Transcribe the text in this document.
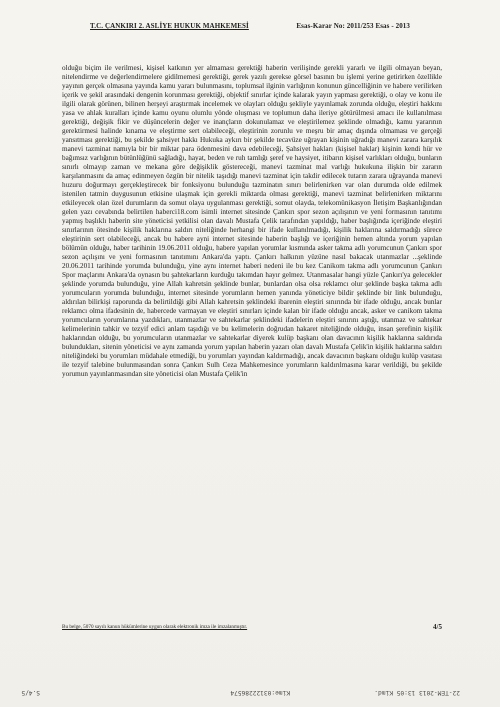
T.C. ÇANKIRI 2. ASLİYE HUKUK MAHKEMESİ	Esas-Karar No: 2011/253 Esas - 2013

olduğu biçim ile verilmesi, kişisel katkının yer almaması gerektiği haberin verilişinde gerekli yararlı ve ilgili olmayan beyan, nitelendirme ve değerlendirmelere gidilmemesi gerektiği, gerek yazılı gerekse görsel basının bu işlemi yerine getirirken özellikle yayının gerçek olmasına yayında kamu yararı bulunmasını, toplumsal ilginin varlığının konunun güncelliğinin ve habere verilirken içerik ve şekil arasındaki dengenin korunması gerektiği, objektif sınırlar içinde kalarak yayın yapması gerektiği, o olay ve konu ile ilgili olarak görünen, bilinen herşeyi araştırmak incelemek ve olayları olduğu şekliyle yayınlamak zorunda olduğu, eleştiri hakkını yasa ve ahlak kuralları içinde kamu oyunu olumlu yönde oluşması ve toplumun daha ileriye götürülmesi amacı ile kullanılması gerektiği, değişik fikir ve düşüncelerin değer ve inançların dokunulamaz ve eleştirilemez şeklinde olmadığı, kamu yararının gerektirmesi halinde kınama ve eleştirme sert olabileceği, eleştirinin zorunlu ve meşru bir amaç dışında olmaması ve gerçeği yansıtması gerektiği, bu şekilde şahsiyet hakkı Hukuka aykırı bir şekilde tecavüze uğrayan kişinin uğradığı manevi zarara karşılık manevi tazminat namıyla bir bir miktar para ödenmesini dava edebileceği, Şahsiyet hakları (kişisel haklar) kişinin kendi hür ve bağımsız varlığının bütünlüğünü sağladığı, hayat, beden ve ruh tamlığı şeref ve haysiyet, itibarın kişisel varlıkları olduğu, bunların sınırlı olmayıp zaman ve mekana göre değişiklik göstereceği, manevi tazminat mal varlığı hukukuna ilişkin bir zararın karşılanmasını da amaç edinmeyen özgün bir nitelik taşıdığı manevi tazminat için takdir edilecek tutarın zarara uğrayanda manevi huzuru doğurmayı gerçekleştirecek bir fonksiyonu bulunduğu tazminatın sınırı belirlenirken var olan durumda olde edilmek istenilen tatmin duygusunun etkisine ulaşmak için gerekli miktarda olması gerektiği, manevi tazminat belirlenirken miktarını etkileyecek olan özel durumların da somut olaya uygulanması gerektiği, somut olayda, telekomünikasyon İletişim Başkanlığından gelen yazı cevabında belirtilen haberci18.com isimli internet sitesinde Çankırı spor sezon açılışının ve yeni formasının tanıtımı yapmış başlıklı haberin site yöneticisi yetkilisi olan davalı Mustafa Çelik tarafından yapıldığı, haber başlığında içeriğinde eleştiri sınırlarının ötesinde kişilik haklarına saldırı niteliğinde herhangi bir ifade kullanılmadığı, kişilik haklarına saldırmadığı sürece eleştirinin sert olabileceği, ancak bu habere ayni internet sitesinde haberin başlığı ve içeriğinin hemen altında yorum yapılan bölümün olduğu, haber tarihinin 19.06.2011 olduğu, habere yapılan yorumlar kısmında asker takma adlı yorumcunun Çankırı spor sezon açılışını ve yeni formasının tanıtımını Ankara'da yaptı. Çankırı halkının yüzüne nasıl bakacak utanmazlar ...şeklinde 20.06.2011 tarihinde yorumda bulunduğu, yine aynı internet haberi nedeni ile bu kez Canikom takma adlı yorumcunun Çankırı Spor maçlarını Ankara'da oynasın bu şahtekarların kurduğu takımdan hayır gelmez. Utanmasalar hangi yüzle Çankırı'ya gelecekler şeklinde yorumda bulunduğu, yine Allah kahretsin şeklinde bunlar, bunlardan olsa olsa reklamcı olur şeklinde başka takma adlı yorumcuların yorumda bulunduğu, internet sitesinde yorumların hemen yanında yöneticiye bildir şeklinde bir link bulunduğu, aldırılan bilirkişi raporunda da belirtildiği gibi Allah kahretsin şeklindeki ibarenin eleştiri sınırında bir ifade olduğu, ancak bunlar reklamcı olma ifadesinin de, habercede varmayan ve eleştiri sınırları içinde kalan bir ifade olduğu ancak, asker ve canikom takma yorumcuların yorumlarına yazdıkları, utanmazlar ve sahtekarlar şeklindeki ifadelerin eleştiri sınırını aştığı, utanmaz ve sahtekar kelimelerinin tahkir ve tezyif edici anlam taşıdığı ve bu kelimelerin doğrudan hakaret niteliğinde olduğu, insan şerefinin kişilik haklarından olduğu, bu yorumcuların utanmazlar ve sahtekarlar diyerek kulüp başkanı olan davacının kişilik haklarına saldırıda bulundukları, sitenin yöneticisi ve aynı zamanda yorum yapılan haberin yazarı olan davalı Mustafa Çelik'in kişilik haklarına saldırı niteliğindeki bu yorumları müdahale etmediği, bu yorumları yayından kaldırmadığı, ancak davacının başkanı olduğu kulüp vasıtası ile tezyif talebine bulunmasından sonra Çankırı Sulh Ceza Mahkemesince yorumların kaldırılmasına karar verildiği, bu şekilde yorumun yayınlanmasından site yöneticisi olan Mustafa Çelik'in

Bu belge, 5070 sayılı kanun hükümlerine uygun olarak elektronik imza ile imzalanmıştır.	4/5
22-TEM-2013 13:05 Kimd.
Kime:03122286574
S.4/5
